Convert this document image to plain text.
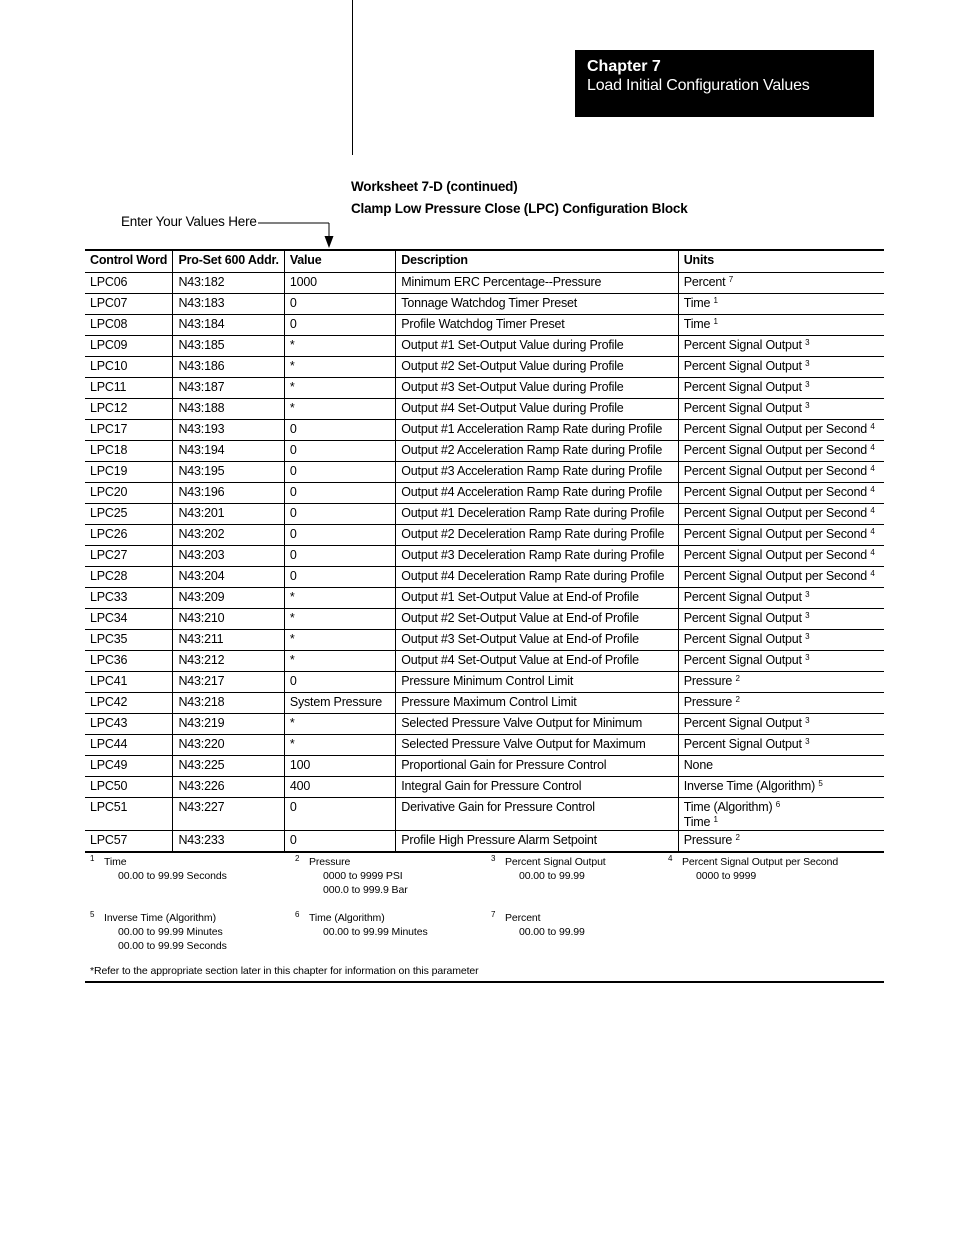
Chapter 7
Load Initial Configuration Values
Worksheet 7-D (continued)
Clamp Low Pressure Close (LPC) Configuration Block
Enter Your Values Here
Control Word	Pro-Set 600 Addr.	Value	Description	Units
LPC06	N43:182	1000	Minimum ERC Percentage--Pressure	Percent $^7$
LPC07	N43:183	0	Tonnage Watchdog Timer Preset	Time $^1$
LPC08	N43:184	0	Profile Watchdog Timer Preset	Time $^1$
LPC09	N43:185	*	Output #1 Set-Output Value during Profile	Percent Signal Output $^3$
LPC10	N43:186	*	Output #2 Set-Output Value during Profile	Percent Signal Output $^3$
LPC11	N43:187	*	Output #3 Set-Output Value during Profile	Percent Signal Output $^3$
LPC12	N43:188	*	Output #4 Set-Output Value during Profile	Percent Signal Output $^3$
LPC17	N43:193	0	Output #1 Acceleration Ramp Rate during Profile	Percent Signal Output per Second $^4$
LPC18	N43:194	0	Output #2 Acceleration Ramp Rate during Profile	Percent Signal Output per Second $^4$
LPC19	N43:195	0	Output #3 Acceleration Ramp Rate during Profile	Percent Signal Output per Second $^4$
LPC20	N43:196	0	Output #4 Acceleration Ramp Rate during Profile	Percent Signal Output per Second $^4$
LPC25	N43:201	0	Output #1 Deceleration Ramp Rate during Profile	Percent Signal Output per Second $^4$
LPC26	N43:202	0	Output #2 Deceleration Ramp Rate during Profile	Percent Signal Output per Second $^4$
LPC27	N43:203	0	Output #3 Deceleration Ramp Rate during Profile	Percent Signal Output per Second $^4$
LPC28	N43:204	0	Output #4 Deceleration Ramp Rate during Profile	Percent Signal Output per Second $^4$
LPC33	N43:209	*	Output #1 Set-Output Value at End-of Profile	Percent Signal Output $^3$
LPC34	N43:210	*	Output #2 Set-Output Value at End-of Profile	Percent Signal Output $^3$
LPC35	N43:211	*	Output #3 Set-Output Value at End-of Profile	Percent Signal Output $^3$
LPC36	N43:212	*	Output #4 Set-Output Value at End-of Profile	Percent Signal Output $^3$
LPC41	N43:217	0	Pressure Minimum Control Limit	Pressure $^2$
LPC42	N43:218	System Pressure	Pressure Maximum Control Limit	Pressure $^2$
LPC43	N43:219	*	Selected Pressure Valve Output for Minimum	Percent Signal Output $^3$
LPC44	N43:220	*	Selected Pressure Valve Output for Maximum	Percent Signal Output $^3$
LPC49	N43:225	100	Proportional Gain for Pressure Control	None
LPC50	N43:226	400	Integral Gain for Pressure Control	Inverse Time (Algorithm) $^5$
LPC51	N43:227	0	Derivative Gain for Pressure Control	Time (Algorithm) $^6$
Time $^1$

LPC57	N43:233	0	Profile High Pressure Alarm Setpoint	Pressure $^2$
1 Time
00.00 to 99.99 Seconds
2 Pressure
0000 to 9999 PSI
000.0 to 999.9 Bar
3 Percent Signal Output
00.00 to 99.99
4 Percent Signal Output per Second
0000 to 9999
5 Inverse Time (Algorithm)
00.00 to 99.99 Minutes
00.00 to 99.99 Seconds
6 Time (Algorithm)
00.00 to 99.99 Minutes
7 Percent
00.00 to 99.99
*Refer to the appropriate section later in this chapter for information on this parameter
